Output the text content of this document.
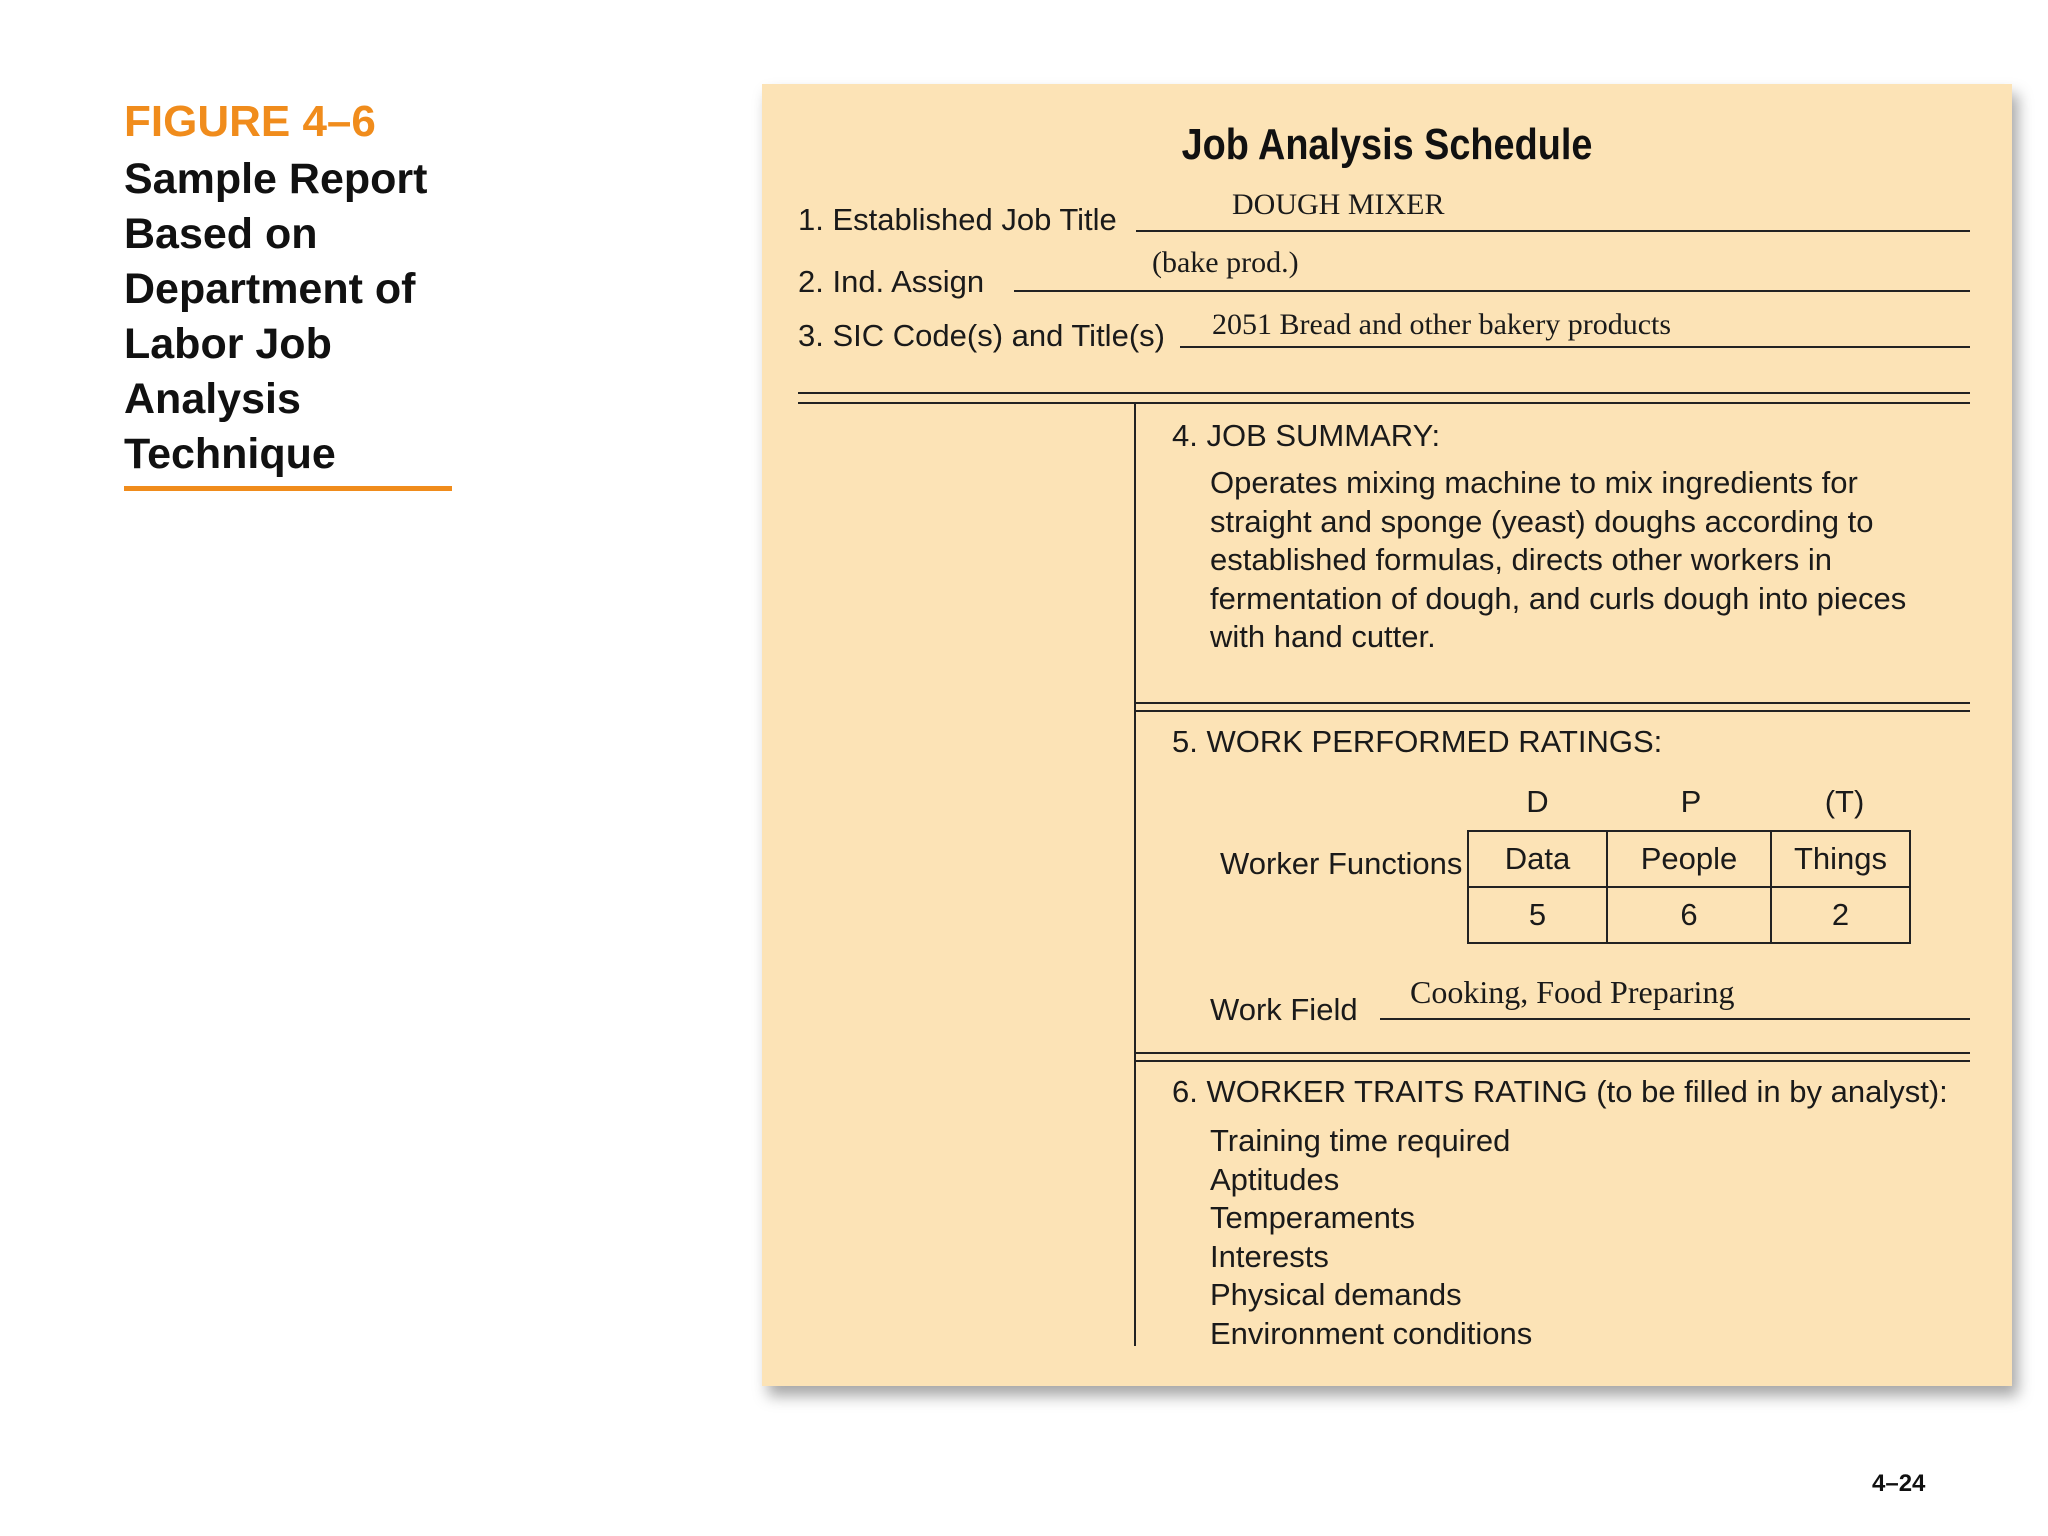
FIGURE 4–6
Sample Report Based on Department of Labor Job Analysis Technique
Job Analysis Schedule
1. Established Job Title	DOUGH MIXER
2. Ind. Assign
(bake prod.)
3. SIC Code(s) and Title(s) 2051 Bread and other bakery products
4. JOB SUMMARY:
Operates mixing machine to mix ingredients for straight and sponge (yeast) doughs according to established formulas, directs other workers in fermentation of dough, and curls dough into pieces with hand cutter.
5. WORK PERFORMED RATINGS:
D	P	(T)
Worker Functions Data	People	Things
5	6	2
Work Field Cooking, Food Preparing
6. WORKER TRAITS RATING (to be filled in by analyst):
Training time required
Aptitudes
Temperaments
Interests
Physical demands
Environment conditions
4–24
